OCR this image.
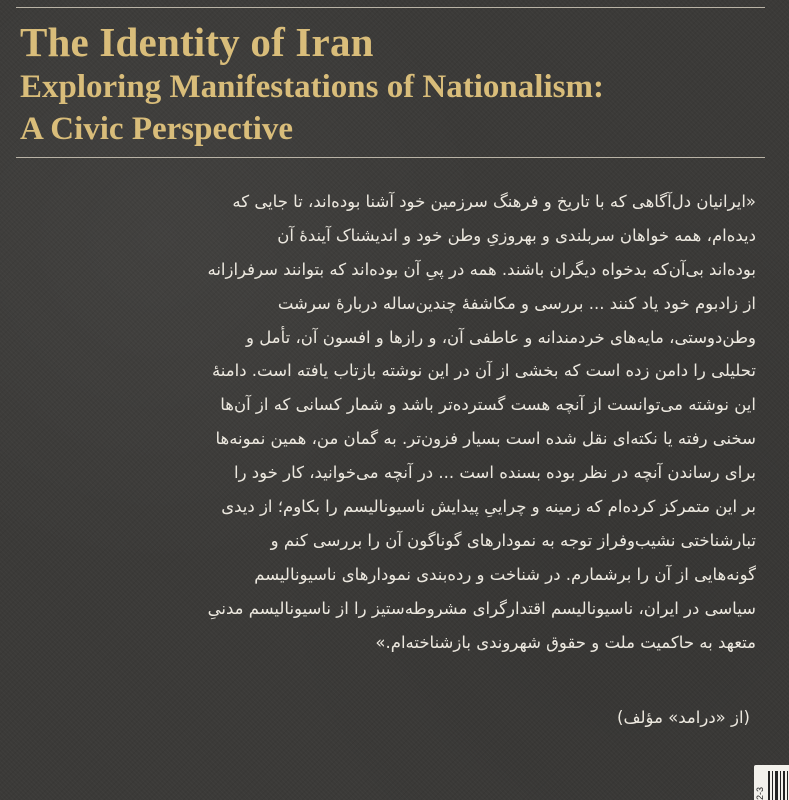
The Identity of Iran
Exploring Manifestations of Nationalism:
A Civic Perspective
«ایرانیان دل‌آگاهی که با تاریخ و فرهنگ سرزمین خود آشنا بوده‌اند، تا جایی که
دیده‌ام، همه خواهان سربلندی و بهروزیِ وطن خود و اندیشناک آیندهٔ آن
بوده‌اند بی‌آن‌که بدخواه دیگران باشند. همه در پیِ آن بوده‌اند که بتوانند سرفرازانه
از زادبوم خود یاد کنند ... بررسی و مکاشفهٔ چندین‌ساله دربارهٔ سرشت
وطن‌دوستی، مایه‌های خردمندانه و عاطفی آن، و رازها و افسون آن، تأمل و
تحلیلی را دامن زده است که بخشی از آن در این نوشته بازتاب یافته است. دامنهٔ
این نوشته می‌توانست از آنچه هست گسترده‌تر باشد و شمار کسانی که از آن‌ها
سخنی رفته یا نکته‌ای نقل شده است بسیار فزون‌تر. به گمان من، همین نمونه‌ها
برای رساندن آنچه در نظر بوده بسنده است ... در آنچه می‌خوانید، کار خود را
بر این متمرکز کرده‌ام که زمینه و چراییِ پیدایش ناسیونالیسم را بکاوم؛ از دیدی
تبارشناختی نشیب‌وفراز توجه به نمودارهای گوناگون آن را بررسی کنم و
گونه‌هایی از آن را برشمارم. در شناخت و رده‌بندی نمودارهای ناسیونالیسم
سیاسی در ایران، ناسیونالیسم اقتدارگرای مشروطه‌ستیز را از ناسیونالیسم مدنیِ
متعهد به حاکمیت ملت و حقوق شهروندی بازشناخته‌ام.»
(از «درامد» مؤلف)
2-3
